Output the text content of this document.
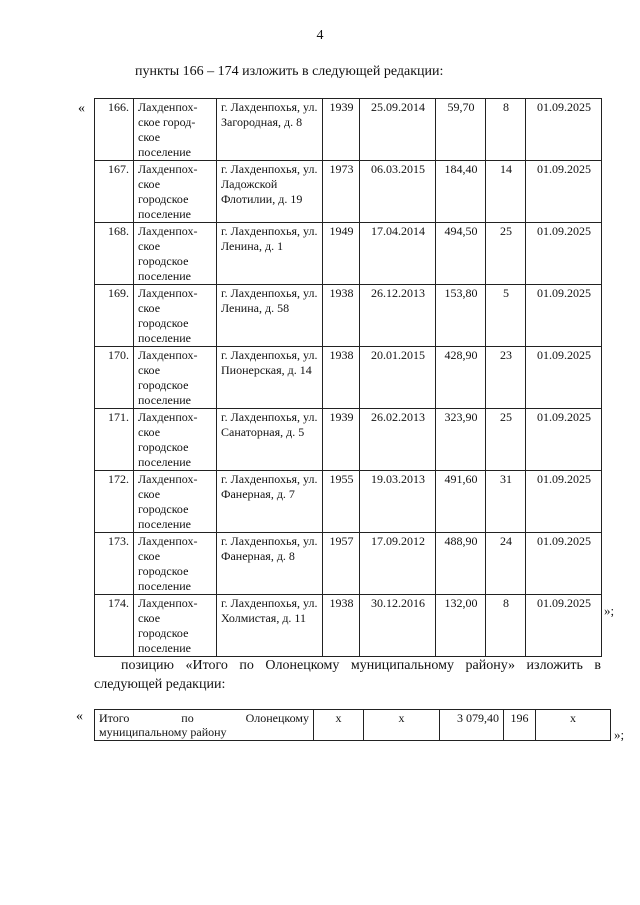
4
пункты 166 – 174 изложить в следующей редакции:
« 166.	Лахденпох-ское город-ское поселение	г. Лахденпохья, ул. Загородная, д. 8	1939	25.09.2014	59,70	8	01.09.2025
167.	Лахденпох-ское городское поселение	г. Лахденпохья, ул. Ладожской Флотилии, д. 19	1973	06.03.2015	184,40	14	01.09.2025
168.	Лахденпох-ское городское поселение	г. Лахденпохья, ул. Ленина, д. 1	1949	17.04.2014	494,50	25	01.09.2025
169.	Лахденпох-ское городское поселение	г. Лахденпохья, ул. Ленина, д. 58	1938	26.12.2013	153,80	5	01.09.2025
170.	Лахденпох-ское городское поселение	г. Лахденпохья, ул. Пионерская, д. 14	1938	20.01.2015	428,90	23	01.09.2025
171.	Лахденпох-ское городское поселение	г. Лахденпохья, ул. Санаторная, д. 5	1939	26.02.2013	323,90	25	01.09.2025
172.	Лахденпох-ское городское поселение	г. Лахденпохья, ул. Фанерная, д. 7	1955	19.03.2013	491,60	31	01.09.2025
173.	Лахденпох-ское городское поселение	г. Лахденпохья, ул. Фанерная, д. 8	1957	17.09.2012	488,90	24	01.09.2025
174.	Лахденпох-ское городское поселение	г. Лахденпохья, ул. Холмистая, д. 11	1938	30.12.2016	132,00	8	01.09.2025 »;
позицию «Итого по Олонецкому муниципальному району» изложить в
следующей редакции:
« Итого по Олонецкому
муниципальному району
	х	х	3 079,40	196	х
»;
